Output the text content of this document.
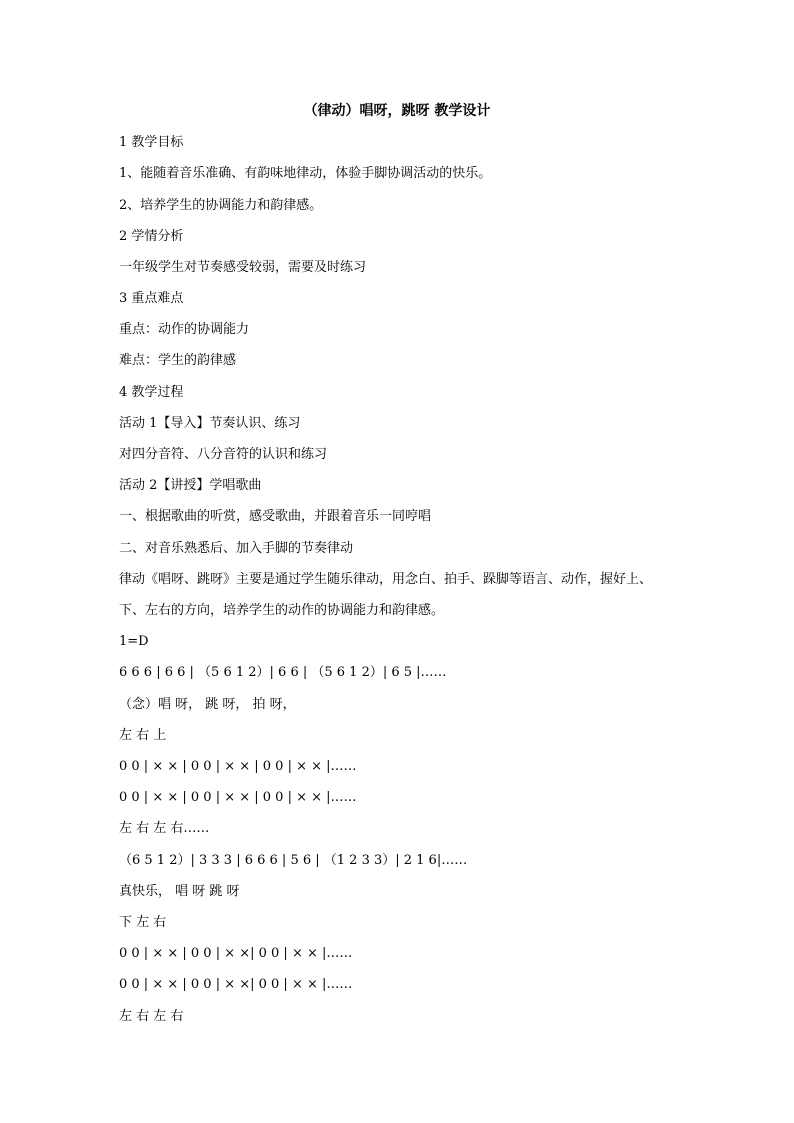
（律动）唱呀，跳呀 教学设计
1 教学目标
1、能随着音乐准确、有韵味地律动，体验手脚协调活动的快乐。
2、培养学生的协调能力和韵律感。
2 学情分析
一年级学生对节奏感受较弱，需要及时练习
3 重点难点
重点：动作的协调能力
难点：学生的韵律感
4 教学过程
活动 1【导入】节奏认识、练习
对四分音符、八分音符的认识和练习
活动 2【讲授】学唱歌曲
一、根据歌曲的听赏，感受歌曲，并跟着音乐一同哼唱
二、对音乐熟悉后、加入手脚的节奏律动
律动《唱呀、跳呀》主要是通过学生随乐律动，用念白、拍手、跺脚等语言、动作，握好上、
下、左右的方向，培养学生的动作的协调能力和韵律感。
1=D
6 6 6 | 6 6 | （5 6 1 2）| 6 6 | （5 6 1 2）| 6 5 |……
（念）唱 呀， 跳 呀， 拍 呀，
左 右 上
0 0 | × × | 0 0 | × × | 0 0 | × × |……
0 0 | × × | 0 0 | × × | 0 0 | × × |……
左 右 左 右……
（6 5 1 2）| 3 3 3 | 6 6 6 | 5 6 | （1 2 3 3）| 2 1 6|……
真快乐， 唱 呀 跳 呀
下 左 右
0 0 | × × | 0 0 | × ×| 0 0 | × × |……
0 0 | × × | 0 0 | × ×| 0 0 | × × |……
左 右 左 右
